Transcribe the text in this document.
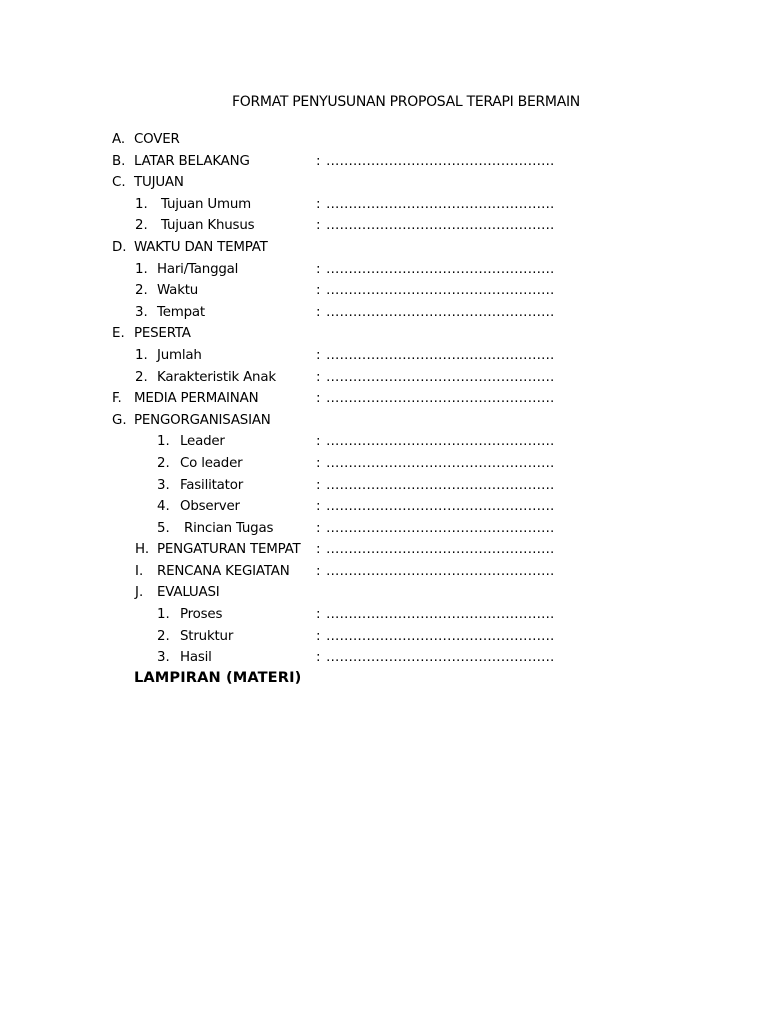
FORMAT PENYUSUNAN PROPOSAL TERAPI BERMAIN
A. COVER
B. LATAR BELAKANG	: ……………………………………………
C. TUJUAN
1. Tujuan Umum	: ……………………………………………
2. Tujuan Khusus	: ……………………………………………
D. WAKTU DAN TEMPAT
1. Hari/Tanggal	: ……………………………………………
2. Waktu	: ……………………………………………
3. Tempat	: ……………………………………………
E. PESERTA
1. Jumlah	: ……………………………………………
2. Karakteristik Anak	: ……………………………………………
F. MEDIA PERMAINAN	: ……………………………………………
G. PENGORGANISASIAN
1. Leader	: ……………………………………………
2. Co leader	: ……………………………………………
3. Fasilitator	: ……………………………………………
4. Observer	: ……………………………………………
5. Rincian Tugas	: ……………………………………………
H. PENGATURAN TEMPAT : ……………………………………………
I. RENCANA KEGIATAN : ……………………………………………
J. EVALUASI
1. Proses	: ……………………………………………
2. Struktur	: ……………………………………………
3. Hasil	: ……………………………………………
LAMPIRAN (MATERI)
